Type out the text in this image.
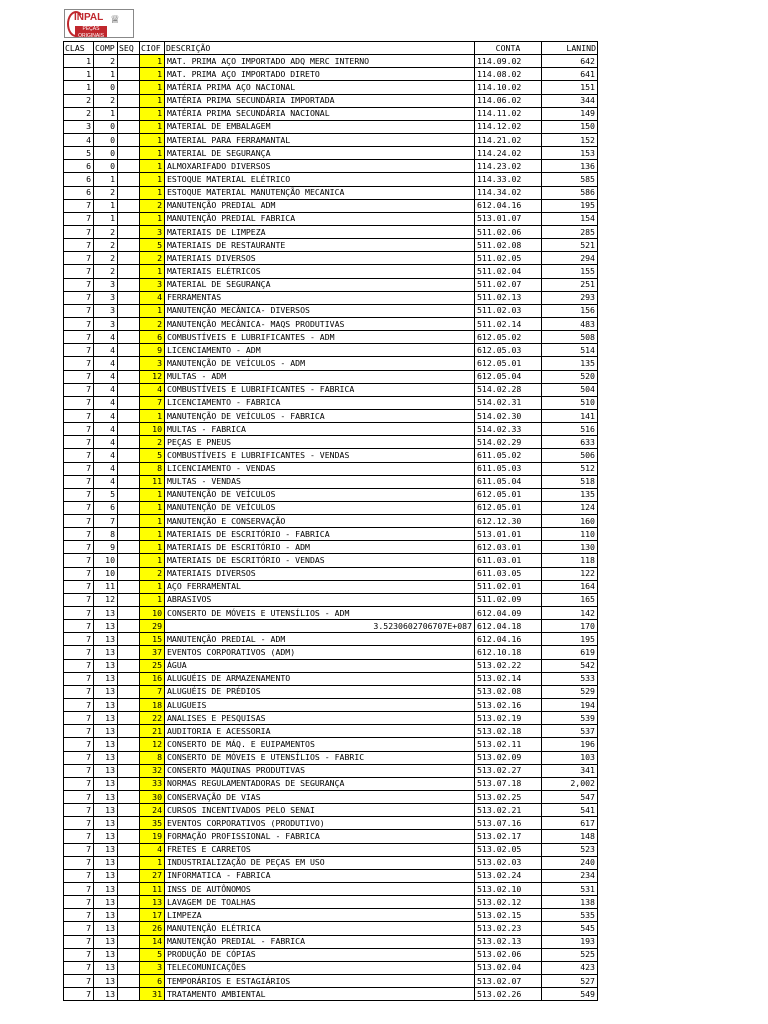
INPAL
PEÇAS ORIGINAIS
♕
CLAS	COMP	SEQ	CIOF	DESCRIÇÃO	CONTA	LANIND
1	2		1	MAT. PRIMA AÇO IMPORTADO ADQ MERC INTERNO	114.09.02	642
1	1		1	MAT. PRIMA AÇO IMPORTADO DIRETO	114.08.02	641
1	0		1	MATÉRIA PRIMA AÇO NACIONAL	114.10.02	151
2	2		1	MATÉRIA PRIMA SECUNDÁRIA IMPORTADA	114.06.02	344
2	1		1	MATÉRIA PRIMA SECUNDÁRIA NACIONAL	114.11.02	149
3	0		1	MATERIAL DE EMBALAGEM	114.12.02	150
4	0		1	MATERIAL PARA FERRAMANTAL	114.21.02	152
5	0		1	MATERIAL DE SEGURANÇA	114.24.02	153
6	0		1	ALMOXARIFADO DIVERSOS	114.23.02	136
6	1		1	ESTOQUE MATERIAL ELÉTRICO	114.33.02	585
6	2		1	ESTOQUE MATERIAL MANUTENÇÃO MECANICA	114.34.02	586
7	1		2	MANUTENÇÃO PREDIAL ADM	612.04.16	195
7	1		1	MANUTENÇÃO PREDIAL FABRICA	513.01.07	154
7	2		3	MATERIAIS DE LIMPEZA	511.02.06	285
7	2		5	MATERIAIS DE RESTAURANTE	511.02.08	521
7	2		2	MATERIAIS DIVERSOS	511.02.05	294
7	2		1	MATERIAIS ELÉTRICOS	511.02.04	155
7	3		3	MATERIAL DE SEGURANÇA	511.02.07	251
7	3		4	FERRAMENTAS	511.02.13	293
7	3		1	MANUTENÇÃO MECÂNICA- DIVERSOS	511.02.03	156
7	3		2	MANUTENÇÃO MECÂNICA- MAQS PRODUTIVAS	511.02.14	483
7	4		6	COMBUSTÍVEIS E LUBRIFICANTES - ADM	612.05.02	508
7	4		9	LICENCIAMENTO - ADM	612.05.03	514
7	4		3	MANUTENÇÃO DE VEÍCULOS - ADM	612.05.01	135
7	4		12	MULTAS - ADM	612.05.04	520
7	4		4	COMBUSTÍVEIS E LUBRIFICANTES - FABRICA	514.02.28	504
7	4		7	LICENCIAMENTO - FABRICA	514.02.31	510
7	4		1	MANUTENÇÃO DE VEÍCULOS - FABRICA	514.02.30	141
7	4		10	MULTAS - FABRICA	514.02.33	516
7	4		2	PEÇAS E PNEUS	514.02.29	633
7	4		5	COMBUSTÍVEIS E LUBRIFICANTES - VENDAS	611.05.02	506
7	4		8	LICENCIAMENTO - VENDAS	611.05.03	512
7	4		11	MULTAS - VENDAS	611.05.04	518
7	5		1	MANUTENÇÃO DE VEÍCULOS	612.05.01	135
7	6		1	MANUTENÇÃO DE VEÍCULOS	612.05.01	124
7	7		1	MANUTENÇÃO E CONSERVAÇÃO	612.12.30	160
7	8		1	MATERIAIS DE ESCRITÓRIO - FABRICA	513.01.01	110
7	9		1	MATERIAIS DE ESCRITÓRIO - ADM	612.03.01	130
7	10		1	MATERIAIS DE ESCRITÓRIO - VENDAS	611.03.01	118
7	10		2	MATERIAIS DIVERSOS	611.03.05	122
7	11		1	AÇO FERRAMENTAL	511.02.01	164
7	12		1	ABRASIVOS	511.02.09	165
7	13		10	CONSERTO DE MÓVEIS E UTENSÍLIOS - ADM	612.04.09	142
7	13		29	3.5230602706707E+087	612.04.18	170
7	13		15	MANUTENÇÃO PREDIAL - ADM	612.04.16	195
7	13		37	EVENTOS CORPORATIVOS (ADM)	612.10.18	619
7	13		25	ÁGUA	513.02.22	542
7	13		16	ALUGUÉIS DE ARMAZENAMENTO	513.02.14	533
7	13		7	ALUGUÉIS DE PRÉDIOS	513.02.08	529
7	13		18	ALUGUEIS	513.02.16	194
7	13		22	ANALISES E PESQUISAS	513.02.19	539
7	13		21	AUDITORIA E ACESSORIA	513.02.18	537
7	13		12	CONSERTO DE MÁQ. E EUIPAMENTOS	513.02.11	196
7	13		8	CONSERTO DE MÓVEIS E UTENSÍLIOS - FABRIC	513.02.09	103
7	13		32	CONSERTO MÁQUINAS PRODUTIVAS	513.02.27	341
7	13		33	NORMAS REGULAMENTADORAS DE SEGURANÇA	513.07.18	2,002
7	13		30	CONSERVAÇÃO DE VIAS	513.02.25	547
7	13		24	CURSOS INCENTIVADOS PELO SENAI	513.02.21	541
7	13		35	EVENTOS CORPORATIVOS (PRODUTIVO)	513.07.16	617
7	13		19	FORMAÇÃO PROFISSIONAL - FABRICA	513.02.17	148
7	13		4	FRETES E CARRETOS	513.02.05	523
7	13		1	INDUSTRIALIZAÇÃO DE PEÇAS EM USO	513.02.03	240
7	13		27	INFORMATICA - FABRICA	513.02.24	234
7	13		11	INSS DE AUTÔNOMOS	513.02.10	531
7	13		13	LAVAGEM DE TOALHAS	513.02.12	138
7	13		17	LIMPEZA	513.02.15	535
7	13		26	MANUTENÇÃO ELÉTRICA	513.02.23	545
7	13		14	MANUTENÇÃO PREDIAL - FABRICA	513.02.13	193
7	13		5	PRODUÇÃO DE CÓPIAS	513.02.06	525
7	13		3	TELECOMUNICAÇÕES	513.02.04	423
7	13		6	TEMPORÁRIOS E ESTAGIÁRIOS	513.02.07	527
7	13		31	TRATAMENTO AMBIENTAL	513.02.26	549
